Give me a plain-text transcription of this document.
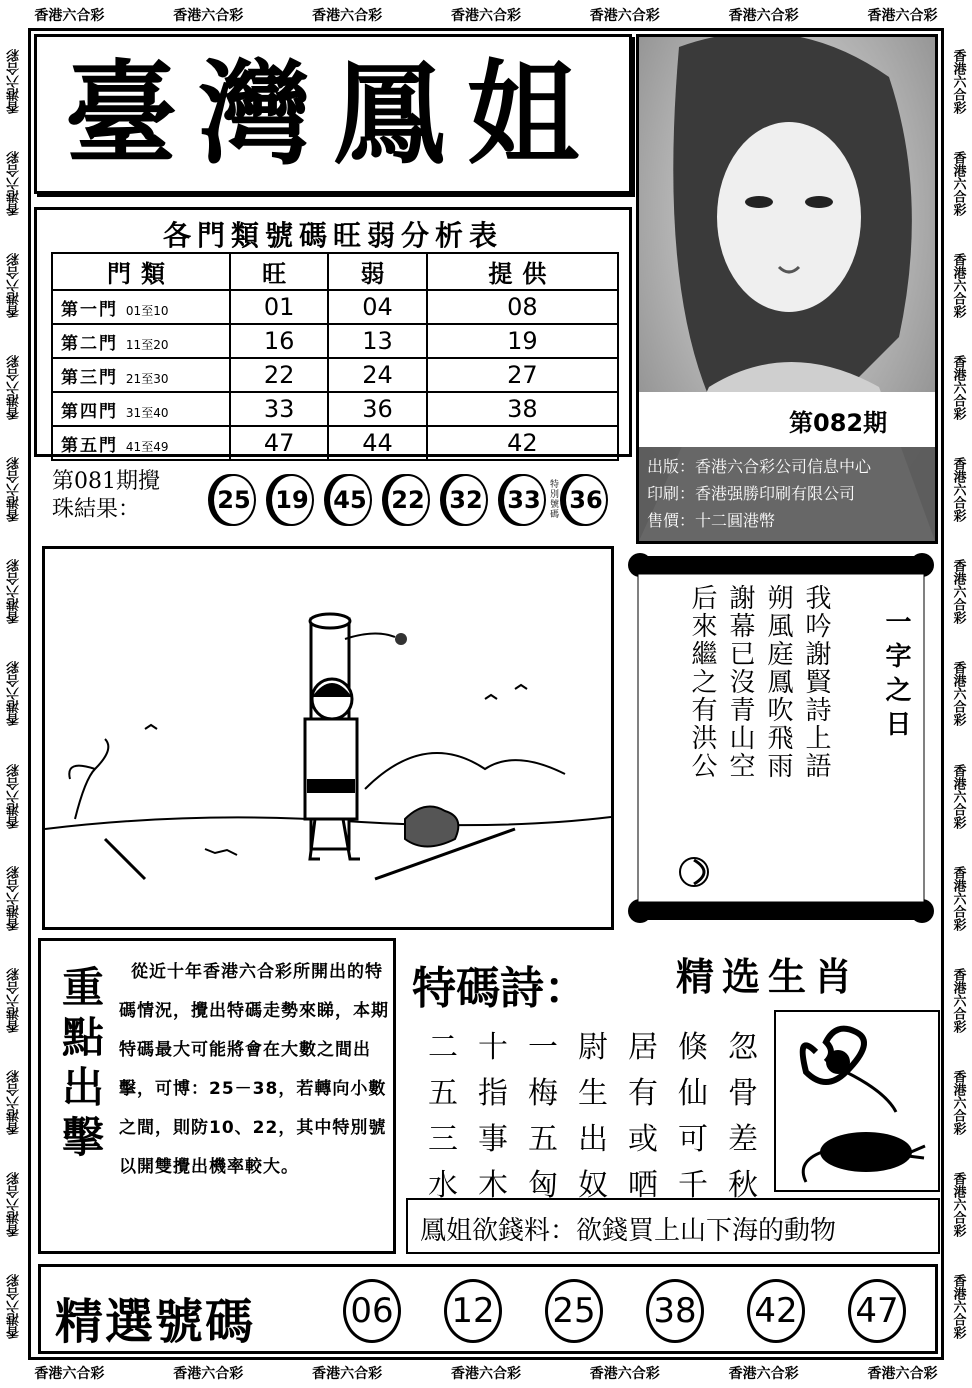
香港六合彩	香港六合彩	香港六合彩	香港六合彩	香港六合彩	香港六合彩	香港六合彩
香港六合彩	香港六合彩	香港六合彩	香港六合彩	香港六合彩	香港六合彩	香港六合彩
香港六合彩
香港六合彩
香港六合彩
香港六合彩
香港六合彩
香港六合彩
香港六合彩
香港六合彩
香港六合彩
香港六合彩
香港六合彩
香港六合彩
香港六合彩
香港六合彩
香港六合彩
香港六合彩
香港六合彩
香港六合彩
香港六合彩
香港六合彩
香港六合彩
香港六合彩
香港六合彩
香港六合彩
香港六合彩
香港六合彩
臺灣鳳姐
各門類號碼旺弱分析表
門類	旺	弱	提供
第一門 01至10	01	04	08
第二門 11至20	16	13	19
第三門 21至30	22	24	27
第四門 31至40	33	36	38
第五門 41至49	47	44	42
第082期
出版：香港六合彩公司信息中心
印刷：香港强勝印刷有限公司
售價：十二圓港幣
第081期攪
珠結果：	25 19 45 22 32 33
特別號碼
36
我吟謝賢詩上語
朔風庭鳳吹飛雨
謝幕已沒青山空
后來繼之有洪公	一字之日
重點出擊	從近十年香港六合彩所開出的特碼情況，攪出特碼走勢來睇，本期特碼最大可能將會在大數之間出擊，可博：25－38，若轉向小數之間，則防10、22，其中特別號以開雙攪出機率較大。
特碼詩： 精选生肖
二 十 一 尉 居 倏 忽
五 指 梅 生 有 仙 骨
三 事 五 出 或 可 差
水 木 匈 奴 哂 千 秋
鳳姐欲錢料：欲錢買上山下海的動物
精選號碼	06 12 25 38 42 47
